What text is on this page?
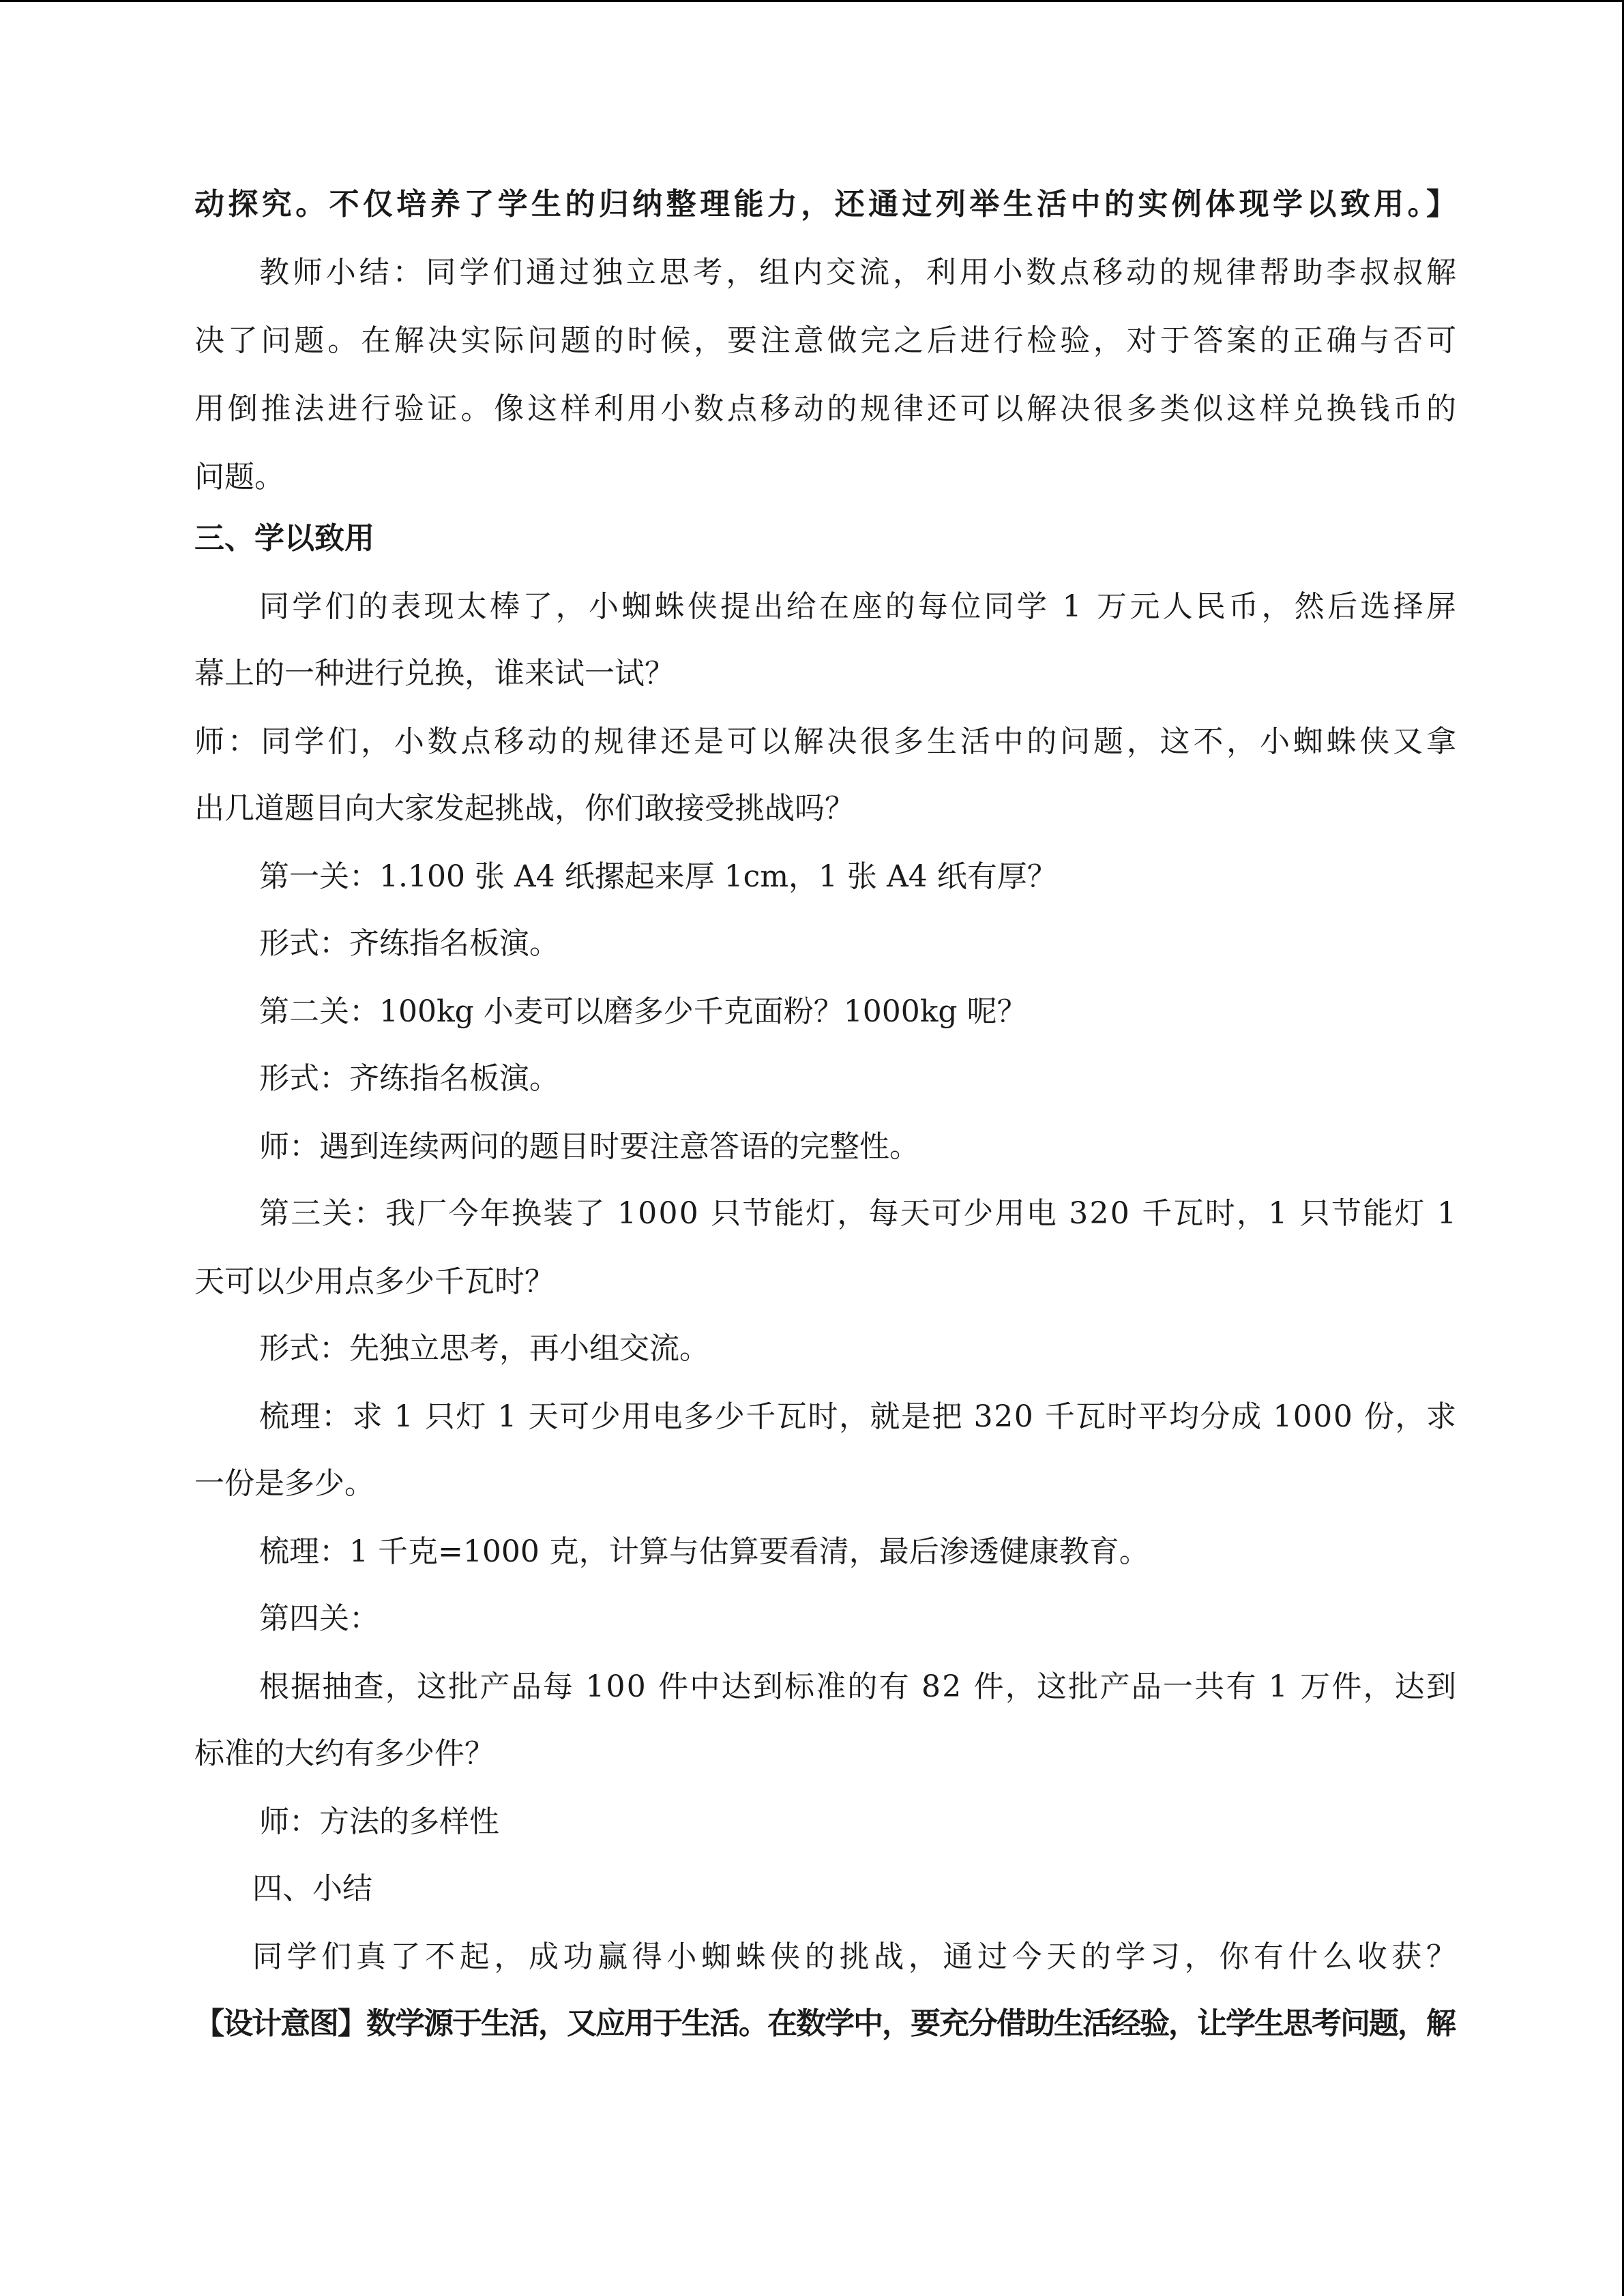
动探究。不仅培养了学生的归纳整理能力，还通过列举生活中的实例体现学以致用。】
教师小结：同学们通过独立思考，组内交流，利用小数点移动的规律帮助李叔叔解
决了问题。在解决实际问题的时候，要注意做完之后进行检验，对于答案的正确与否可
用倒推法进行验证。像这样利用小数点移动的规律还可以解决很多类似这样兑换钱币的
问题。
三、学以致用
同学们的表现太棒了，小蜘蛛侠提出给在座的每位同学 1 万元人民币，然后选择屏
幕上的一种进行兑换，谁来试一试？
师：同学们，小数点移动的规律还是可以解决很多生活中的问题，这不，小蜘蛛侠又拿
出几道题目向大家发起挑战，你们敢接受挑战吗？
第一关：1.100 张 A4 纸摞起来厚 1cm，1 张 A4 纸有厚？
形式：齐练指名板演。
第二关：100kg 小麦可以磨多少千克面粉？1000kg 呢？
形式：齐练指名板演。
师：遇到连续两问的题目时要注意答语的完整性。
第三关：我厂今年换装了 1000 只节能灯，每天可少用电 320 千瓦时，1 只节能灯 1
天可以少用点多少千瓦时？
形式：先独立思考，再小组交流。
梳理：求 1 只灯 1 天可少用电多少千瓦时，就是把 320 千瓦时平均分成 1000 份，求
一份是多少。
梳理：1 千克=1000 克，计算与估算要看清，最后渗透健康教育。
第四关：
根据抽查，这批产品每 100 件中达到标准的有 82 件，这批产品一共有 1 万件，达到
标准的大约有多少件？
师：方法的多样性
四、小结
同学们真了不起，成功赢得小蜘蛛侠的挑战，通过今天的学习，你有什么收获？
【设计意图】数学源于生活，又应用于生活。在数学中，要充分借助生活经验，让学生思考问题，解
